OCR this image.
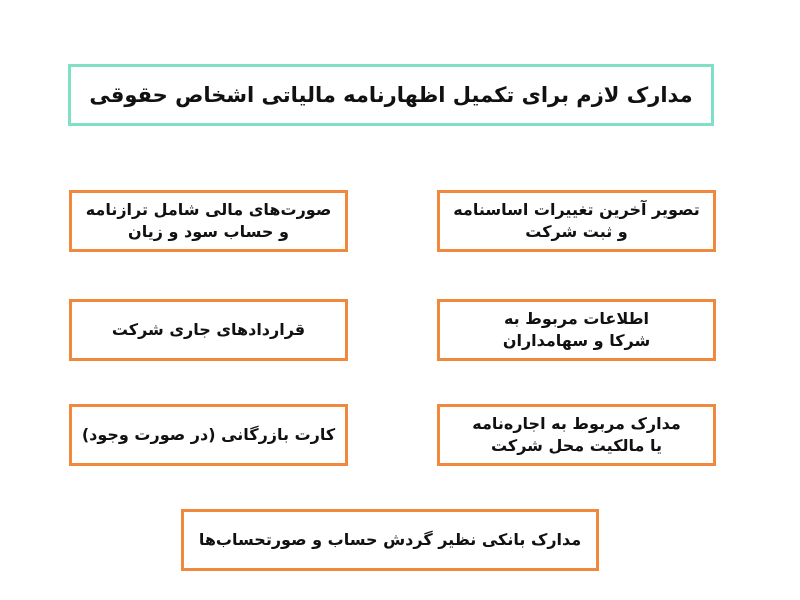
مدارک لازم برای تکمیل اظهارنامه مالیاتی اشخاص حقوقی
تصویر آخرین تغییرات اساسنامه
و ثبت شرکت
صورت‌های مالی شامل ترازنامه
و حساب سود و زیان
اطلاعات مربوط به
شرکا و سهامداران
قراردادهای جاری شرکت
مدارک مربوط به اجاره‌نامه
یا مالکیت محل شرکت
کارت بازرگانی (در صورت وجود)
مدارک بانکی نظیر گردش حساب و صورتحساب‌ها
